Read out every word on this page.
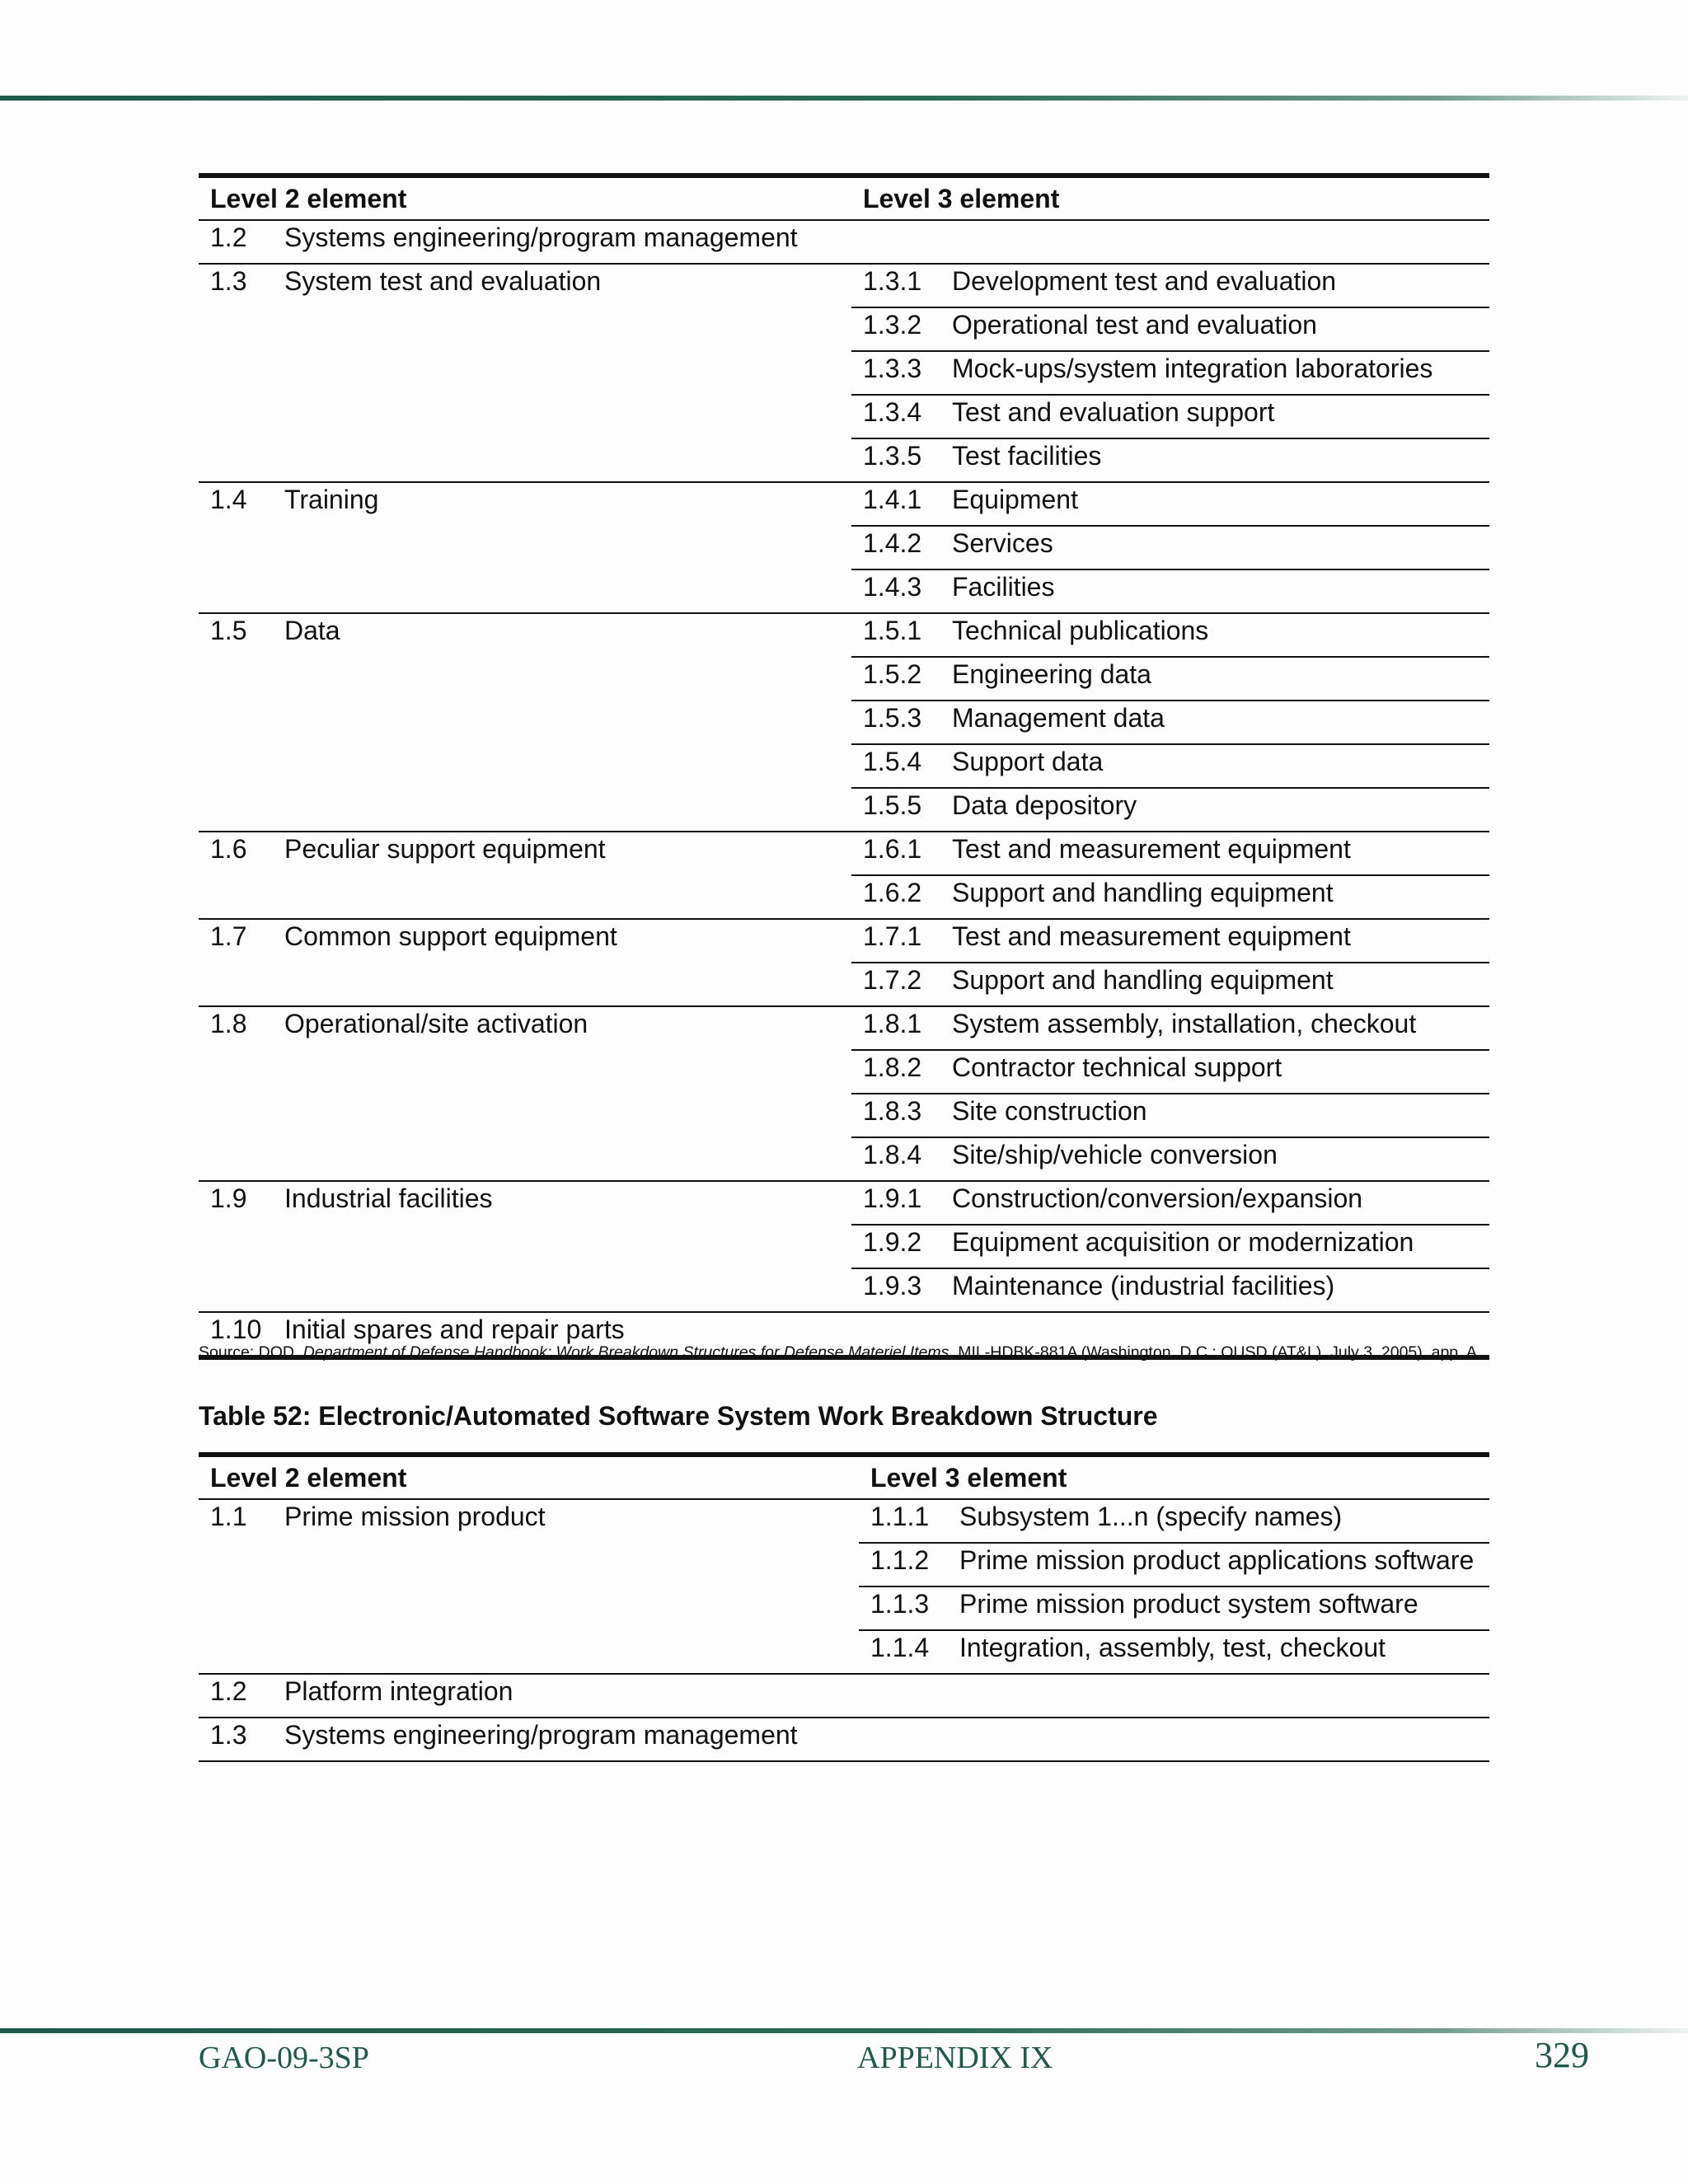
Level 2 element		Level 3 element	
1.2	Systems engineering/program management		
1.3	System test and evaluation	1.3.1	Development test and evaluation
		1.3.2	Operational test and evaluation
		1.3.3	Mock-ups/system integration laboratories
		1.3.4	Test and evaluation support
		1.3.5	Test facilities
1.4	Training	1.4.1	Equipment
		1.4.2	Services
		1.4.3	Facilities
1.5	Data	1.5.1	Technical publications
		1.5.2	Engineering data
		1.5.3	Management data
		1.5.4	Support data
		1.5.5	Data depository
1.6	Peculiar support equipment	1.6.1	Test and measurement equipment
		1.6.2	Support and handling equipment
1.7	Common support equipment	1.7.1	Test and measurement equipment
		1.7.2	Support and handling equipment
1.8	Operational/site activation	1.8.1	System assembly, installation, checkout
		1.8.2	Contractor technical support
		1.8.3	Site construction
		1.8.4	Site/ship/vehicle conversion
1.9	Industrial facilities	1.9.1	Construction/conversion/expansion
		1.9.2	Equipment acquisition or modernization
		1.9.3	Maintenance (industrial facilities)
1.10	Initial spares and repair parts		
Source: DOD, Department of Defense Handbook: Work Breakdown Structures for Defense Materiel Items, MIL-HDBK-881A (Washington, D.C.: OUSD (AT&L), July 3, 2005), app. A.
Table 52: Electronic/Automated Software System Work Breakdown Structure
Level 2 element		Level 3 element	
1.1	Prime mission product	1.1.1	Subsystem 1...n (specify names)
		1.1.2	Prime mission product applications software
		1.1.3	Prime mission product system software
		1.1.4	Integration, assembly, test, checkout
1.2	Platform integration		
1.3	Systems engineering/program management		
GAO-09-3SP	APPENDIX IX	329
